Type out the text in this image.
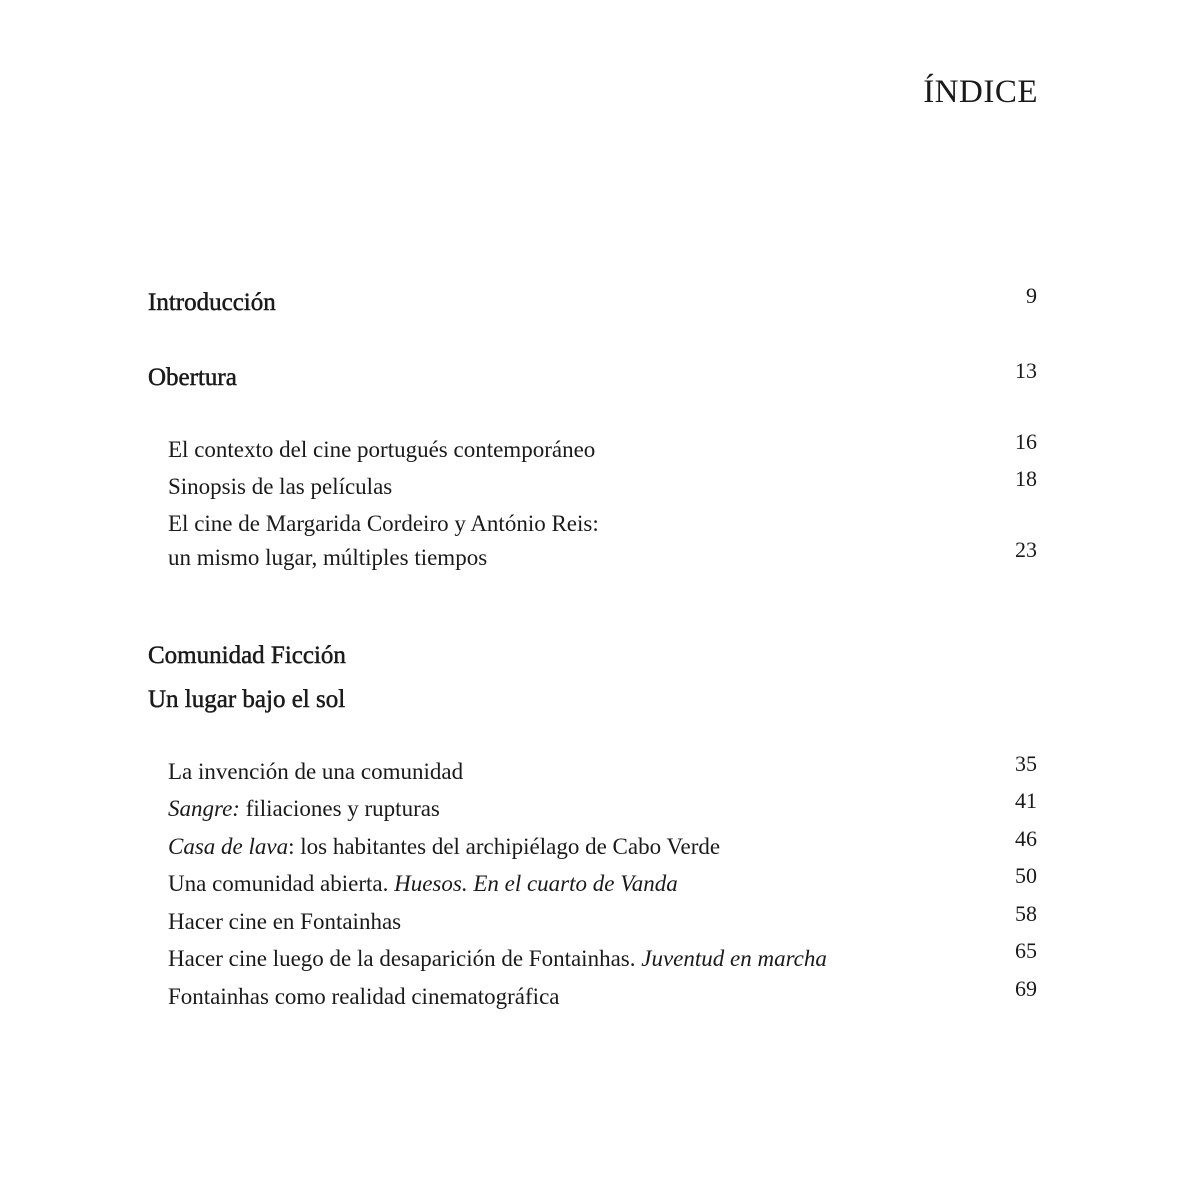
ÍNDICE
Introducción	9
Obertura	13
El contexto del cine portugués contemporáneo	16
Sinopsis de las películas	18
El cine de Margarida Cordeiro y António Reis:
un mismo lugar, múltiples tiempos	23
Comunidad Ficción
Un lugar bajo el sol
La invención de una comunidad	35
Sangre: filiaciones y rupturas	41
Casa de lava: los habitantes del archipiélago de Cabo Verde	46
Una comunidad abierta. Huesos. En el cuarto de Vanda	50
Hacer cine en Fontainhas	58
Hacer cine luego de la desaparición de Fontainhas. Juventud en marcha	65
Fontainhas como realidad cinematográfica	69
